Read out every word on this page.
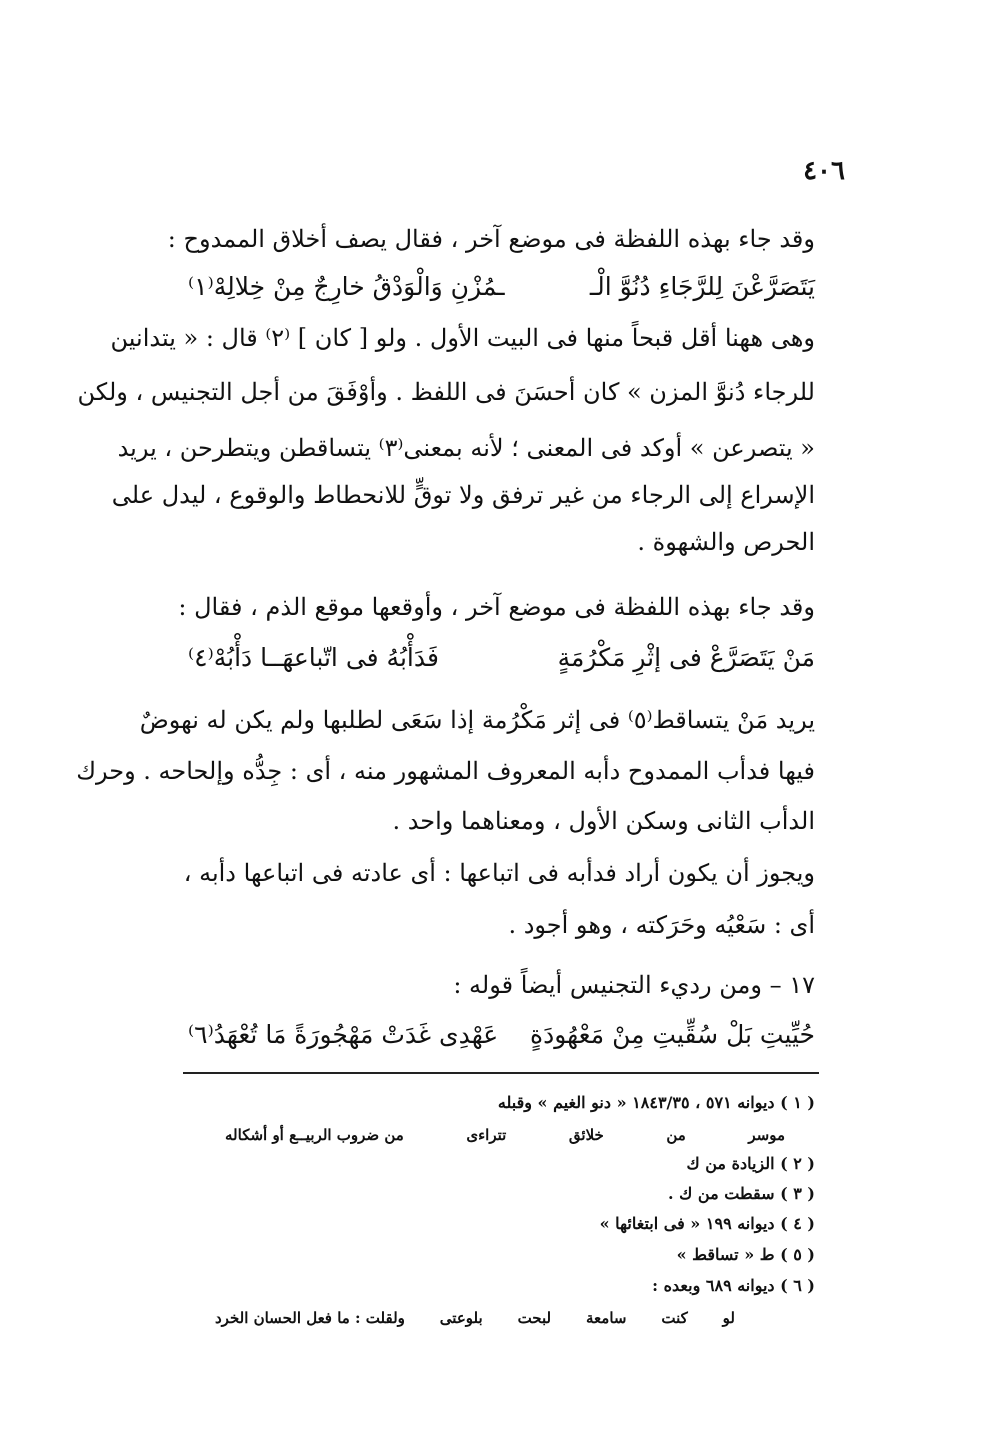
٤٠٦
وقد جاء بهذه اللفظة فى موضع آخر ، فقال يصف أخلاق الممدوح :
يَتَصَرَّعْنَ لِلرَّجَاءِ دُنُوَّ الْـ
ـمُزْنِ وَالْوَدْقُ خارِجٌ مِنْ خِلالِهْ⁽١⁾
وهى ههنا أقل قبحاً منها فى البيت الأول . ولو [ كان ] ⁽٢⁾ قال : « يتدانين
للرجاء دُنوَّ المزن » كان أحسَنَ فى اللفظ . وأوْفَقَ من أجل التجنيس ، ولكن
« يتصرعن » أوكد فى المعنى ؛ لأنه بمعنى⁽٣⁾ يتساقطن ويتطرحن ، يريد
الإسراع إلى الرجاء من غير ترفق ولا توقٍّ للانحطاط والوقوع ، ليدل على
الحرص والشهوة .
وقد جاء بهذه اللفظة فى موضع آخر ، وأوقعها موقع الذم ، فقال :
مَنْ يَتَصَرَّعْ فى إثْرِ مَكْرُمَةٍ
فَدَأْبُهُ فى اتّباعهَــا دَأْبُهْ⁽٤⁾
يريد مَنْ يتساقط⁽٥⁾ فى إثر مَكْرُمة إذا سَعَى لطلبها ولم يكن له نهوضٌ
فيها فدأب الممدوح دأبه المعروف المشهور منه ، أى : جِدُّه وإلحاحه . وحرك
الدأب الثانى وسكن الأول ، ومعناهما واحد .
ويجوز أن يكون أراد فدأبه فى اتباعها : أى عادته فى اتباعها دأبه ،
أى : سَعْيُه وحَرَكته ، وهو أجود .
١٧ – ومن رديء التجنيس أيضاً قوله :
حُيِّيتِ بَلْ سُقِّيتِ مِنْ مَعْهُودَةٍ
عَهْدِى غَدَتْ مَهْجُورَةً مَا تُعْهَدُ⁽٦⁾
( ١ ) ديوانه ٥٧١ ، ١٨٤٣/٣٥ « دنو الغيم » وقبله
موسر
من
خلائق
تتراءى
من ضروب الربيــع أو أشكاله
( ٢ ) الزيادة من ك
( ٣ ) سقطت من ك .
( ٤ ) ديوانه ١٩٩ « فى ابتغائها »
( ٥ ) ط « تساقط »
( ٦ ) ديوانه ٦٨٩ وبعده :
لو
كنت
سامعة
لبحت
بلوعتى
ولقلت : ما فعل الحسان الخرد
